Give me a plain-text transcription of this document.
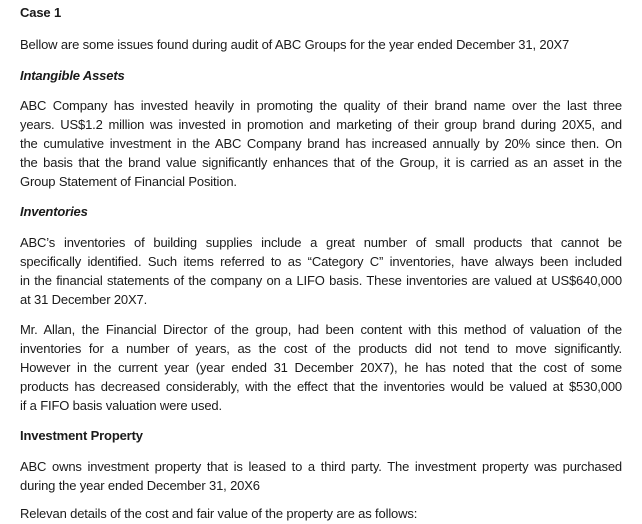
Case 1
Bellow are some issues found during audit of ABC Groups for the year ended December 31, 20X7
Intangible Assets
ABC Company has invested heavily in promoting the quality of their brand name over the last three
years. US$1.2 million was invested in promotion and marketing of their group brand during 20X5, and
the cumulative investment in the ABC Company brand has increased annually by 20% since then. On
the basis that the brand value significantly enhances that of the Group, it is carried as an asset in the
Group Statement of Financial Position.
Inventories
ABC’s inventories of building supplies include a great number of small products that cannot be
specifically identified. Such items referred to as “Category C” inventories, have always been included
in the financial statements of the company on a LIFO basis. These inventories are valued at US$640,000
at 31 December 20X7.
Mr. Allan, the Financial Director of the group, had been content with this method of valuation of the
inventories for a number of years, as the cost of the products did not tend to move significantly.
However in the current year (year ended 31 December 20X7), he has noted that the cost of some
products has decreased considerably, with the effect that the inventories would be valued at $530,000
if a FIFO basis valuation were used.
Investment Property
ABC owns investment property that is leased to a third party. The investment property was purchased
during the year ended December 31, 20X6
Relevan details of the cost and fair value of the property are as follows:
